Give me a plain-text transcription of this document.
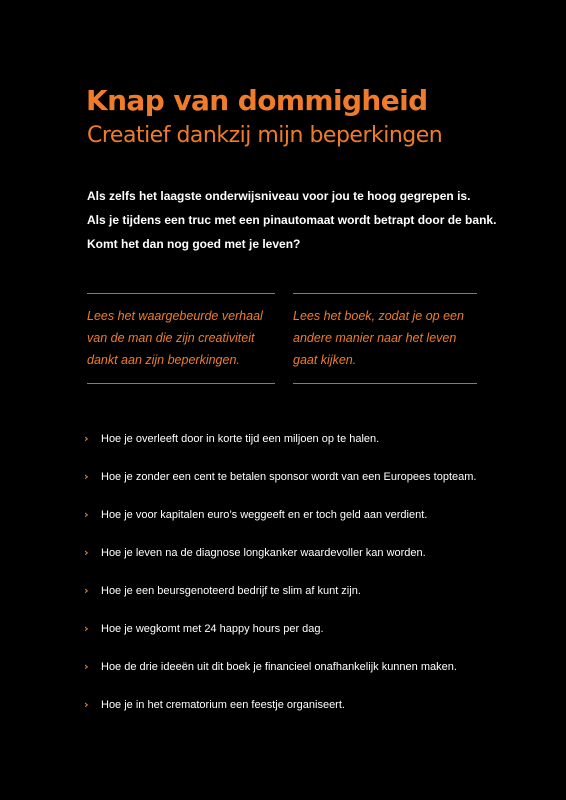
Knap van dommigheid
Creatief dankzij mijn beperkingen
Als zelfs het laagste onderwijsniveau voor jou te hoog gegrepen is.
Als je tijdens een truc met een pinautomaat wordt betrapt door de bank.
Komt het dan nog goed met je leven?
Lees het waargebeurde verhaal
van de man die zijn creativiteit
dankt aan zijn beperkingen.
Lees het boek, zodat je op een
andere manier naar het leven
gaat kijken.
›	Hoe je overleeft door in korte tijd een miljoen op te halen.
›	Hoe je zonder een cent te betalen sponsor wordt van een Europees topteam.
›	Hoe je voor kapitalen euro’s weggeeft en er toch geld aan verdient.
›	Hoe je leven na de diagnose longkanker waardevoller kan worden.
›	Hoe je een beursgenoteerd bedrijf te slim af kunt zijn.
›	Hoe je wegkomt met 24 happy hours per dag.
›	Hoe de drie ideeën uit dit boek je financieel onafhankelijk kunnen maken.
›	Hoe je in het crematorium een feestje organiseert.
